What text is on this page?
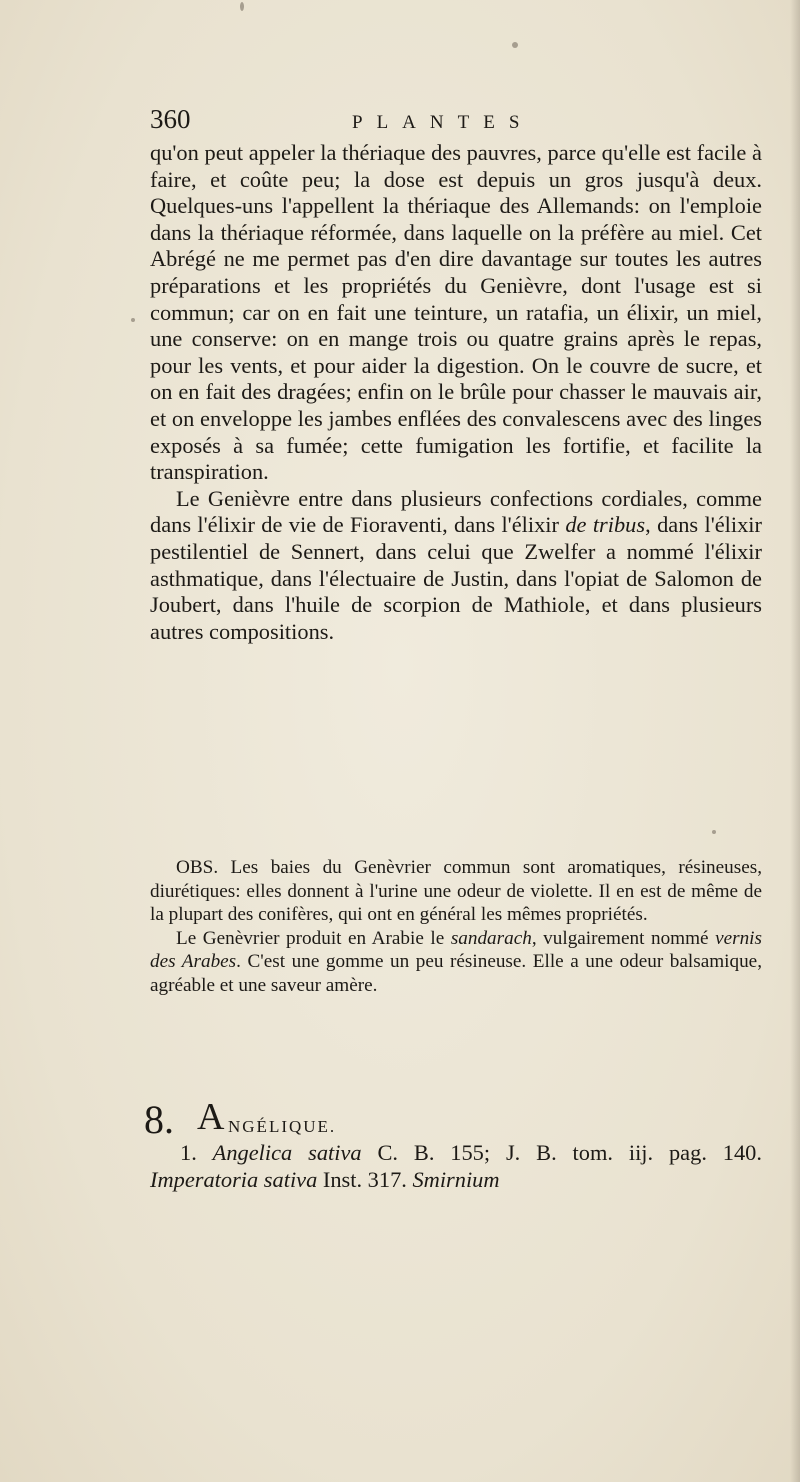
360	PLANTES

qu'on peut appeler la thériaque des pauvres, parce qu'elle est facile à faire, et coûte peu; la dose est depuis un gros jusqu'à deux. Quelques-uns l'appellent la thériaque des Allemands: on l'emploie dans la thériaque réformée, dans laquelle on la préfère au miel. Cet Abrégé ne me permet pas d'en dire davantage sur toutes les autres préparations et les propriétés du Genièvre, dont l'usage est si commun; car on en fait une teinture, un ratafia, un élixir, un miel, une conserve: on en mange trois ou quatre grains après le repas, pour les vents, et pour aider la digestion. On le couvre de sucre, et on en fait des dragées; enfin on le brûle pour chasser le mauvais air, et on enveloppe les jambes enflées des convalescens avec des linges exposés à sa fumée; cette fumigation les fortifie, et facilite la transpiration.

Le Genièvre entre dans plusieurs confections cordiales, comme dans l'élixir de vie de Fioraventi, dans l'élixir de tribus, dans l'élixir pestilentiel de Sennert, dans celui que Zwelfer a nommé l'élixir asthmatique, dans l'électuaire de Justin, dans l'opiat de Salomon de Joubert, dans l'huile de scorpion de Mathiole, et dans plusieurs autres compositions.

OBS. Les baies du Genèvrier commun sont aromatiques, résineuses, diurétiques: elles donnent à l'urine une odeur de violette. Il en est de même de la plupart des conifères, qui ont en général les mêmes propriétés.

Le Genèvrier produit en Arabie le sandarach, vulgairement nommé vernis des Arabes. C'est une gomme un peu résineuse. Elle a une odeur balsamique, agréable et une saveur amère.

8. A NGÉLIQUE.

1. Angelica sativa C. B. 155; J. B. tom. iij. pag. 140. Imperatoria sativa Inst. 317. Smirnium
